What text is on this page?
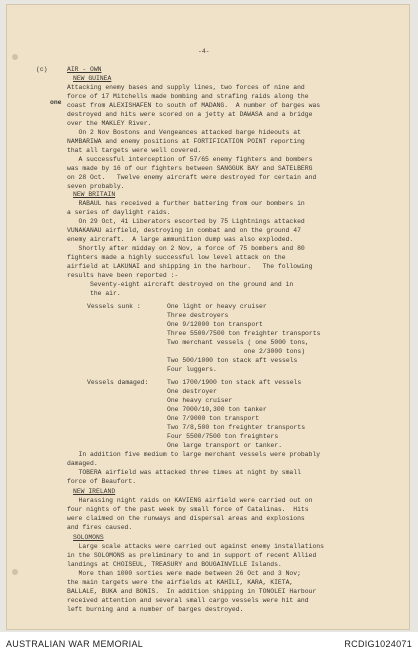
-4-
(c)	AIR - OWN
NEW GUINEA
one
Attacking enemy bases and supply lines, two forces of nine and
force of 17 Mitchells made bombing and strafing raids along the
coast from ALEXISHAFEN to south of MADANG.  A number of barges was
destroyed and hits were scored on a jetty at DAWASA and a bridge
over the MAKLEY River.
On 2 Nov Bostons and Vengeances attacked barge hideouts at
NAMBARIWA and enemy positions at FORTIFICATION POINT reporting
that all targets were well covered.
A successful interception of 57/65 enemy fighters and bombers
was made by 16 of our fighters between SANGGUK BAY and SATELBERG
on 28 Oct.   Twelve enemy aircraft were destroyed for certain and
seven probably.
NEW BRITAIN
RABAUL has received a further battering from our bombers in
a series of daylight raids.
On 29 Oct, 41 Liberators escorted by 75 Lightnings attacked
VUNAKANAU airfield, destroying in combat and on the ground 47
enemy aircraft.  A large ammunition dump was also exploded.
Shortly after midday on 2 Nov, a force of 75 bombers and 80
fighters made a highly successful low level attack on the
airfield at LAKUNAI and shipping in the harbour.   The following
results have been reported :-
Seventy-eight aircraft destroyed on the ground and in
the air.
Vessels sunk :	One light or heavy cruiser
Three destroyers
One 9/12000 ton transport
Three 5500/7500 ton freighter transports
Two merchant vessels ( one 5000 tons,
one 2/3000 tons)
Two 500/1000 ton stack aft vessels
Four luggers.
Vessels damaged:	Two 1700/1900 ton stack aft vessels
One destroyer
One heavy cruiser
One 7000/10,300 ton tanker
One 7/9000 ton transport
Two 7/8,500 ton freighter transports
Four 5500/7500 ton freighters
One large transport or tanker.
In addition five medium to large merchant vessels were probably
damaged.
TOBERA airfield was attacked three times at night by small
force of Beaufort.
NEW IRELAND
Harassing night raids on KAVIENG airfield were carried out on
four nights of the past week by small force of Catalinas.  Hits
were claimed on the runways and dispersal areas and explosions
and fires caused.
SOLOMONS
Large scale attacks were carried out against enemy installations
in the SOLOMONS as preliminary to and in support of recent Allied
landings at CHOISEUL, TREASURY and BOUGAINVILLE Islands.
More than 1000 sorties were made between 26 Oct and 3 Nov;
the main targets were the airfields at KAHILI, KARA, KIETA,
BALLALE, BUKA and BONIS.  In addition shipping in TONOLEI Harbour
received attention and several small cargo vessels were hit and
left burning and a number of barges destroyed.
AUSTRALIAN WAR MEMORIAL	RCDIG1024071
